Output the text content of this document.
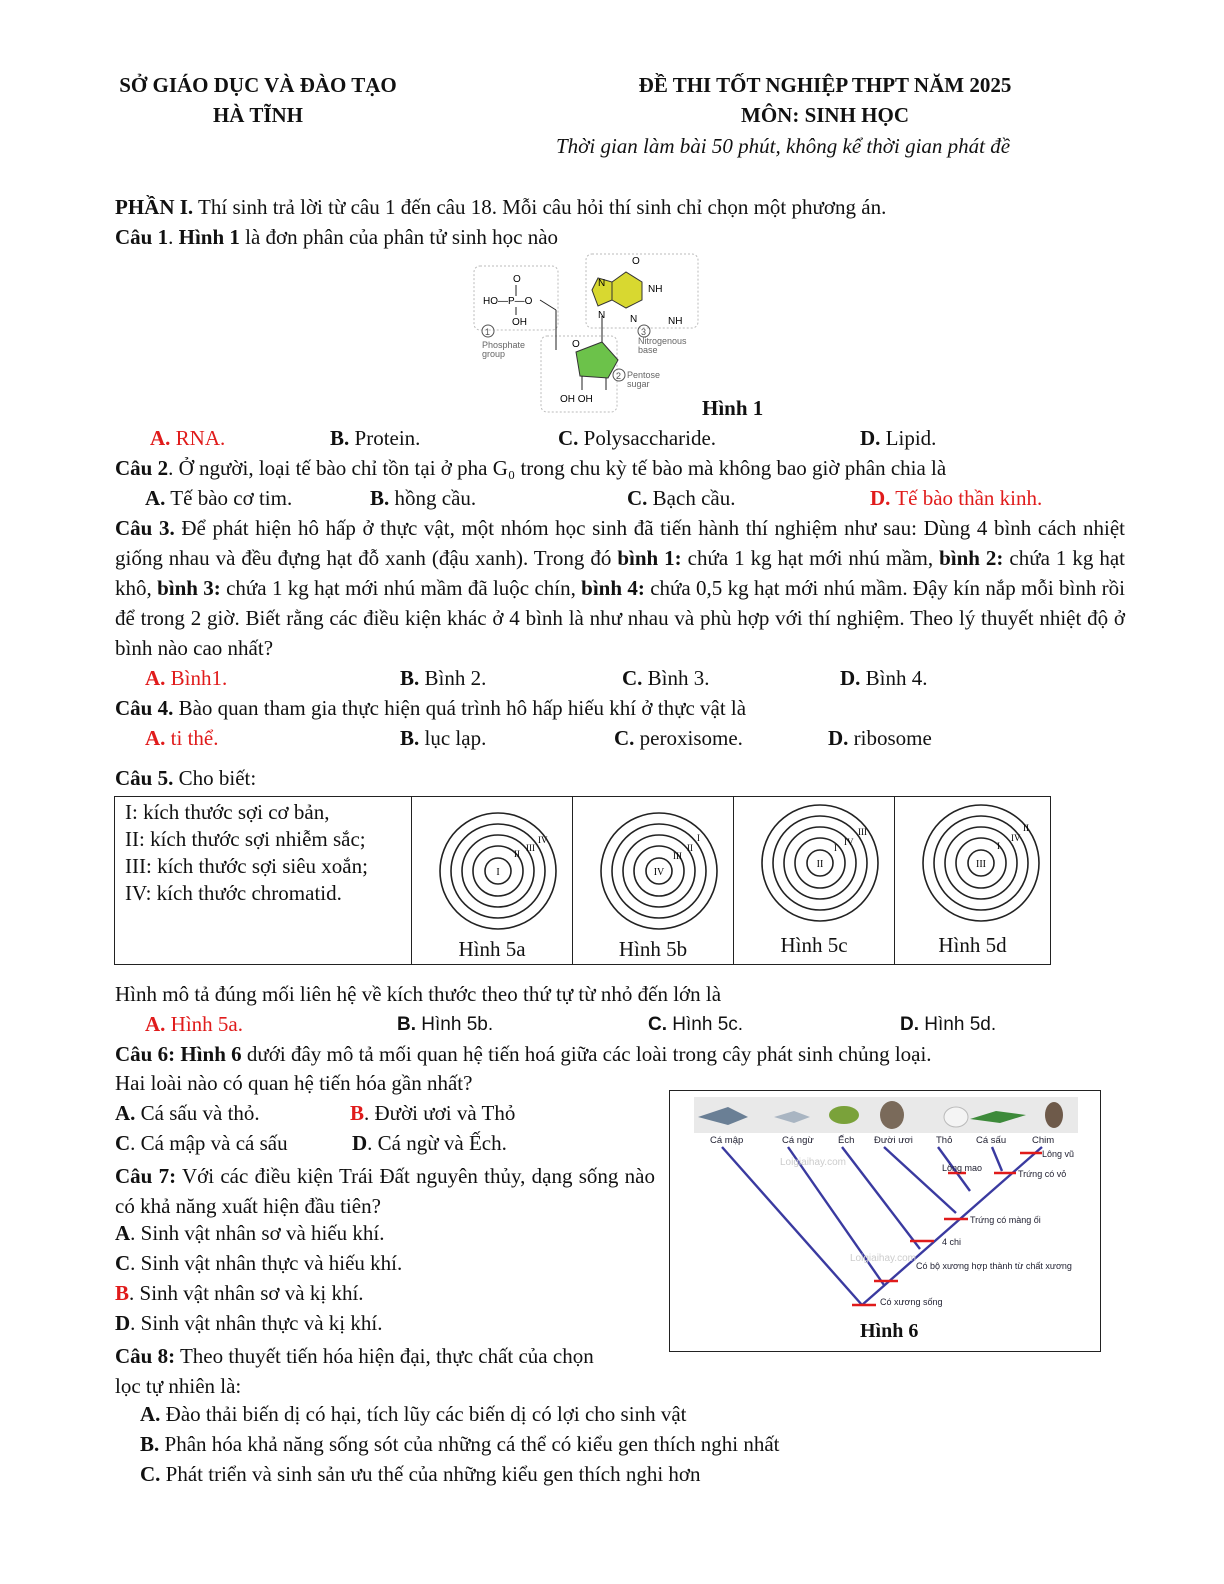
SỞ GIÁO DỤC VÀ ĐÀO TẠO
HÀ TĨNH
ĐỀ THI TỐT NGHIỆP THPT NĂM 2025
MÔN: SINH HỌC
Thời gian làm bài 50 phút, không kể thời gian phát đề
PHẦN I. Thí sinh trả lời từ câu 1 đến câu 18. Mỗi câu hỏi thí sinh chỉ chọn một phương án.
Câu 1. Hình 1 là đơn phân của phân tử sinh học nào
O
HO—P—O
OH
1
Phosphate
group
O
OH OH
2 Pentose
sugar
O
NH
NH
N
N N
3
Nitrogenous
base
Hình 1
A. RNA.	B. Protein.	C. Polysaccharide.	D. Lipid.
Câu 2. Ở người, loại tế bào chỉ tồn tại ở pha G₀ trong chu kỳ tế bào mà không bao giờ phân chia là
A. Tế bào cơ tim.	B. hồng cầu.	C. Bạch cầu.	D. Tế bào thần kinh.
Câu 3. Để phát hiện hô hấp ở thực vật, một nhóm học sinh đã tiến hành thí nghiệm như sau: Dùng 4 bình cách nhiệt giống nhau và đều đựng hạt đỗ xanh (đậu xanh). Trong đó bình 1: chứa 1 kg hạt mới nhú mầm, bình 2: chứa 1 kg hạt khô, bình 3: chứa 1 kg hạt mới nhú mầm đã luộc chín, bình 4: chứa 0,5 kg hạt mới nhú mầm. Đậy kín nắp mỗi bình rồi để trong 2 giờ. Biết rằng các điều kiện khác ở 4 bình là như nhau và phù hợp với thí nghiệm. Theo lý thuyết nhiệt độ ở bình nào cao nhất?
A. Bình1.	B. Bình 2.	C. Bình 3.	D. Bình 4.
Câu 4. Bào quan tham gia thực hiện quá trình hô hấp hiếu khí ở thực vật là
A. ti thể.	B. lục lạp.	C. peroxisome.	D. ribosome
Câu 5. Cho biết:
I: kích thước sợi cơ bản,
II: kích thước sợi nhiễm sắc;
III: kích thước sợi siêu xoắn;
IV: kích thước chromatid.

I
II
III
IV
Hình 5a

IV
III
II
I
Hình 5b

II
I
IV
III
Hình 5c

III
I
IV
II
Hình 5d
Hình mô tả đúng mối liên hệ về kích thước theo thứ tự từ nhỏ đến lớn là
A. Hình 5a.	B. Hình 5b.	C. Hình 5c.	D. Hình 5d.
Câu 6: Hình 6 dưới đây mô tả mối quan hệ tiến hoá giữa các loài trong cây phát sinh chủng loại.
Hai loài nào có quan hệ tiến hóa gần nhất?
A. Cá sấu và thỏ.	B. Đười ươi và Thỏ
C. Cá mập và cá sấu	D. Cá ngừ và Ếch.	Cá mập	Cá ngừ	Ếch Đười ươi Thỏ Cá sấu	Chim
Lông vũ
Lông mao
Trứng có vỏ
Trứng có màng ối
4 chi
Có bộ xương hợp thành từ chất xương
Có xương sống
Loigiaihay.com
Loigiaihay.com
Hình 6
Câu 7: Với các điều kiện Trái Đất nguyên thủy, dạng sống nào có khả năng xuất hiện đầu tiên?
A. Sinh vật nhân sơ và hiếu khí.
C. Sinh vật nhân thực và hiếu khí.
B. Sinh vật nhân sơ và kị khí.
D. Sinh vật nhân thực và kị khí.
Câu 8: Theo thuyết tiến hóa hiện đại, thực chất của chọn lọc tự nhiên là:
A. Đào thải biến dị có hại, tích lũy các biến dị có lợi cho sinh vật
B. Phân hóa khả năng sống sót của những cá thể có kiểu gen thích nghi nhất
C. Phát triển và sinh sản ưu thế của những kiểu gen thích nghi hơn
